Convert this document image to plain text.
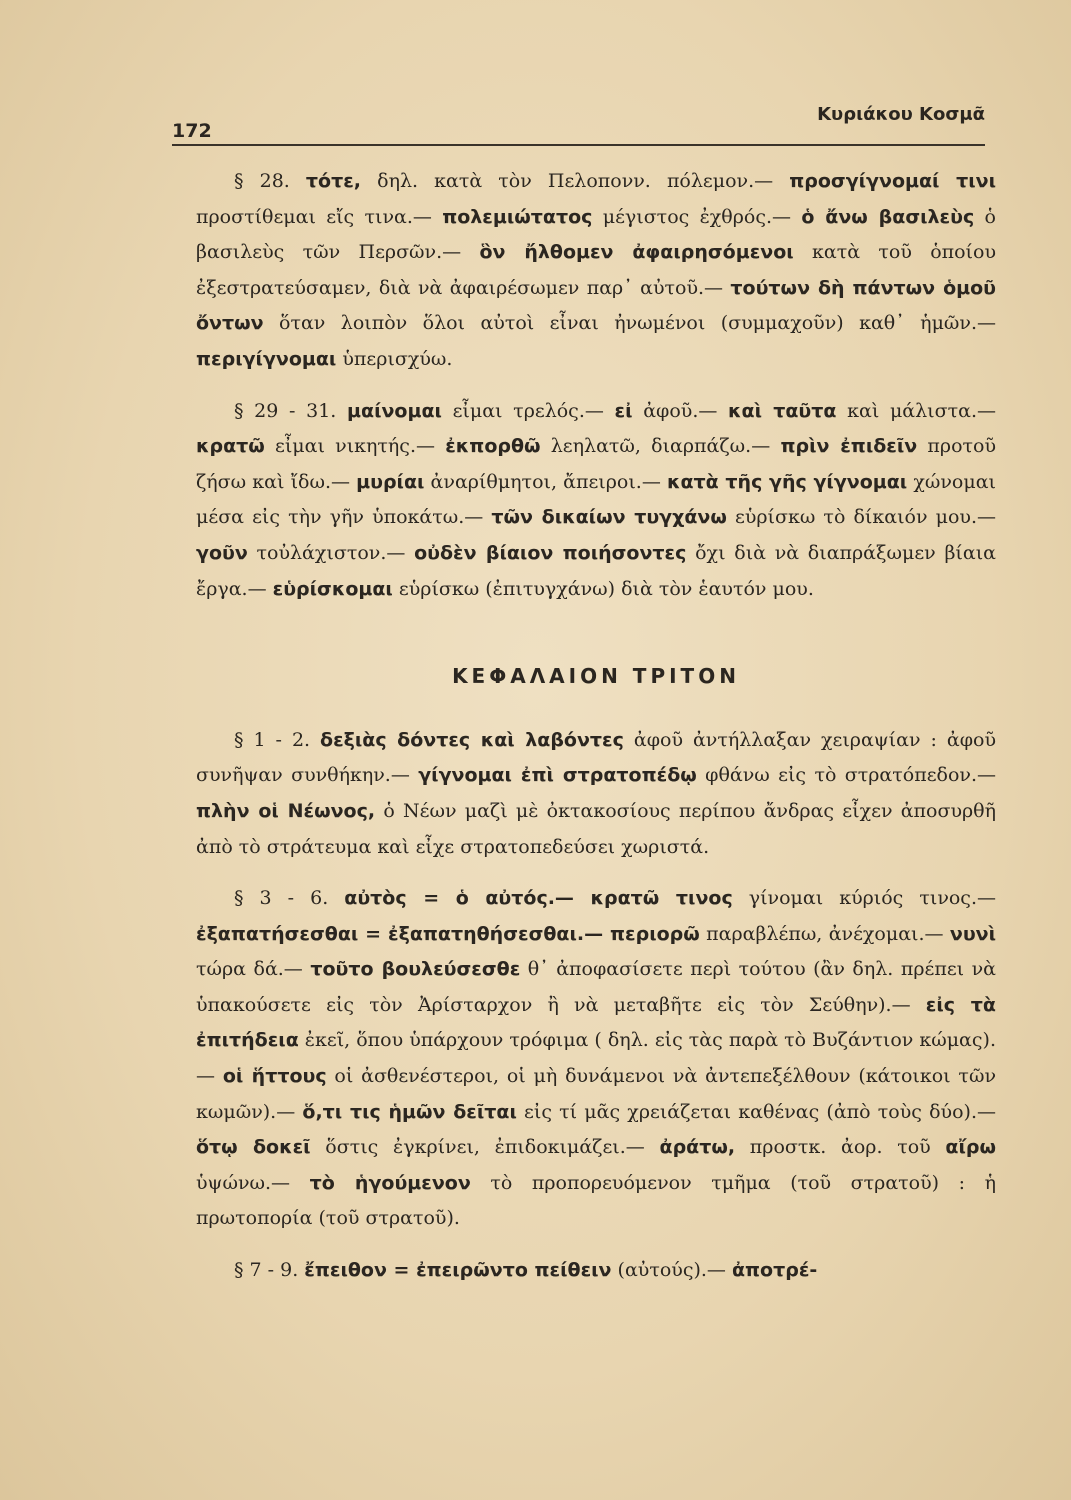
172
Κυριάκου Κοσμᾶ

§ 28. τότε, δηλ. κατὰ τὸν Πελοπονν. πόλεμον.— προσγίγνομαί τινι προστίθεμαι εἴς τινα.— πολεμιώτατος μέγιστος ἐχθρός.— ὁ ἄνω βασιλεὺς ὁ βασιλεὺς τῶν Περσῶν.— ὃν ἤλθομεν ἀφαιρησόμενοι κατὰ τοῦ ὁποίου ἐξεστρατεύσαμεν, διὰ νὰ ἀφαιρέσωμεν παρ᾽ αὐτοῦ.— τούτων δὴ πάντων ὁμοῦ ὄντων ὅταν λοιπὸν ὅλοι αὐτοὶ εἶναι ἠνωμένοι (συμμαχοῦν) καθ᾽ ἡμῶν.— περιγίγνομαι ὑπερισχύω.

§ 29 - 31. μαίνομαι εἶμαι τρελός.— εἰ ἀφοῦ.— καὶ ταῦτα καὶ μάλιστα.— κρατῶ εἶμαι νικητής.— ἐκπορθῶ λεηλατῶ, διαρπάζω.— πρὶν ἐπιδεῖν προτοῦ ζήσω καὶ ἴδω.— μυρίαι ἀναρίθμητοι, ἄπειροι.— κατὰ τῆς γῆς γίγνομαι χώνομαι μέσα εἰς τὴν γῆν ὑποκάτω.— τῶν δικαίων τυγχάνω εὑρίσκω τὸ δίκαιόν μου.— γοῦν τοὐλάχιστον.— οὐδὲν βίαιον ποιήσοντες ὄχι διὰ νὰ διαπράξωμεν βίαια ἔργα.— εὑρίσκομαι εὑρίσκω (ἐπιτυγχάνω) διὰ τὸν ἑαυτόν μου.

ΚΕΦΑΛΑΙΟΝ ΤΡΙΤΟΝ

§ 1 - 2. δεξιὰς δόντες καὶ λαβόντες ἀφοῦ ἀντήλλαξαν χειραψίαν : ἀφοῦ συνῆψαν συνθήκην.— γίγνομαι ἐπὶ στρατοπέδῳ φθάνω εἰς τὸ στρατόπεδον.— πλὴν οἱ Νέωνος, ὁ Νέων μαζὶ μὲ ὀκτακοσίους περίπου ἄνδρας εἶχεν ἀποσυρθῆ ἀπὸ τὸ στράτευμα καὶ εἶχε στρατοπεδεύσει χωριστά.

§ 3 - 6. αὐτὸς = ὁ αὐτός.— κρατῶ τινος γίνομαι κύριός τινος.— ἐξαπατήσεσθαι = ἐξαπατηθήσεσθαι.— περιορῶ παραβλέπω, ἀνέχομαι.— νυνὶ τώρα δά.— τοῦτο βουλεύσεσθε θ᾽ ἀποφασίσετε περὶ τούτου (ἂν δηλ. πρέπει νὰ ὑπακούσετε εἰς τὸν Ἀρίσταρχον ἢ νὰ μεταβῆτε εἰς τὸν Σεύθην).— εἰς τὰ ἐπιτήδεια ἐκεῖ, ὅπου ὑπάρχουν τρόφιμα ( δηλ. εἰς τὰς παρὰ τὸ Βυζάντιον κώμας).— οἱ ἥττους οἱ ἀσθενέστεροι, οἱ μὴ δυνάμενοι νὰ ἀντεπεξέλθουν (κάτοικοι τῶν κωμῶν).— ὅ,τι τις ἡμῶν δεῖται εἰς τί μᾶς χρειάζεται καθένας (ἀπὸ τοὺς δύο).— ὅτῳ δοκεῖ ὅστις ἐγκρίνει, ἐπιδοκιμάζει.— ἀράτω, προστκ. ἀορ. τοῦ αἴρω ὑψώνω.— τὸ ἡγούμενον τὸ προπορευόμενον τμῆμα (τοῦ στρατοῦ) : ἡ πρωτοπορία (τοῦ στρατοῦ).

§ 7 - 9. ἔπειθον = ἐπειρῶντο πείθειν (αὐτούς).— ἀποτρέ-
